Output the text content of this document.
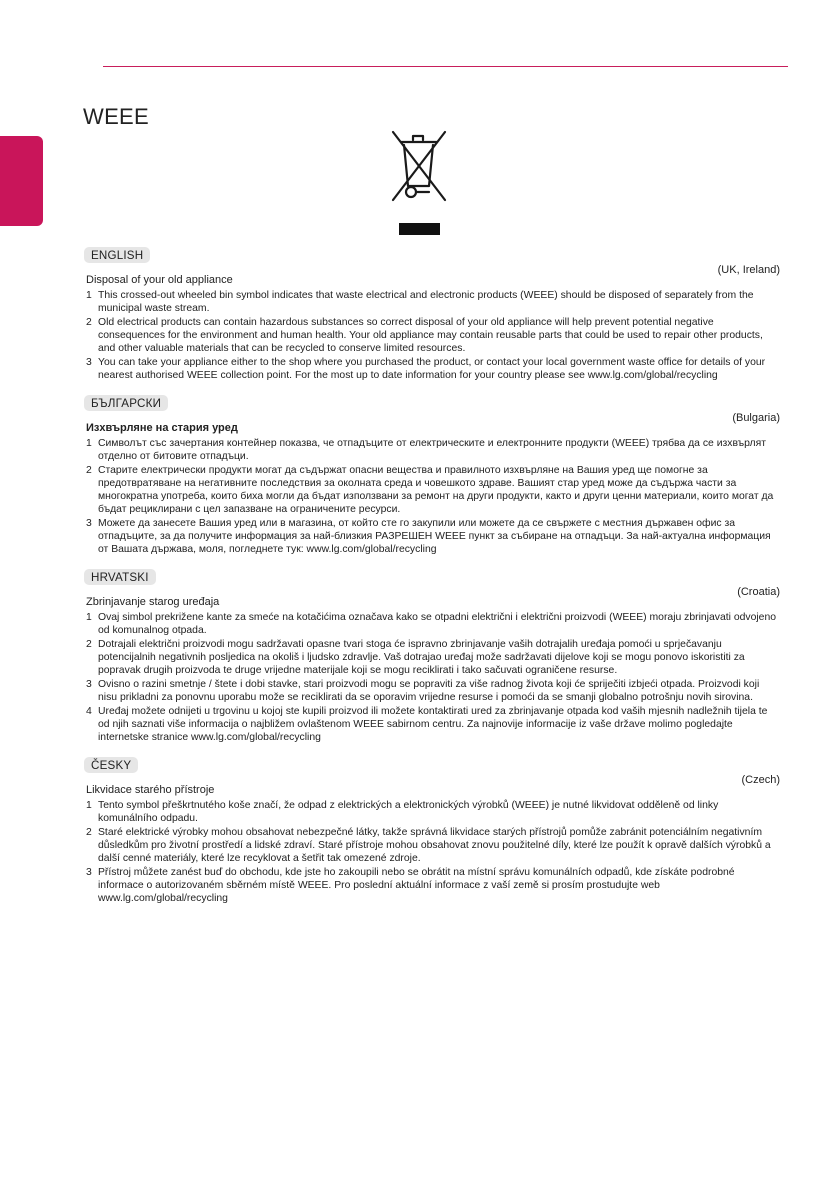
WEEE
ENGLISH
(UK, Ireland)
Disposal of your old appliance
1 This crossed-out wheeled bin symbol indicates that waste electrical and electronic products (WEEE) should be disposed of separately from the municipal waste stream.
2 Old electrical products can contain hazardous substances so correct disposal of your old appliance will help prevent potential negative consequences for the environment and human health. Your old appliance may contain reusable parts that could be used to repair other products, and other valuable materials that can be recycled to conserve limited resources.
3 You can take your appliance either to the shop where you purchased the product, or contact your local government waste office for details of your nearest authorised WEEE collection point. For the most up to date information for your country please see www.lg.com/global/recycling
БЪЛГАРСКИ
(Bulgaria)
Изхвърляне на стария уред
1 Символът със зачертания контейнер показва, че отпадъците от електрическите и електронните продукти (WEEE) трябва да се изхвърлят отделно от битовите отпадъци.
2 Старите електрически продукти могат да съдържат опасни вещества и правилното изхвърляне на Вашия уред ще помогне за предотвратяване на негативните последствия за околната среда и човешкото здраве. Вашият стар уред може да съдържа части за многократна употреба, които биха могли да бъдат използвани за ремонт на други продукти, както и други ценни материали, които могат да бъдат рециклирани с цел запазване на ограничените ресурси.
3 Можете да занесете Вашия уред или в магазина, от който сте го закупили или можете да се свържете с местния държавен офис за отпадъците, за да получите информация за най-близкия РАЗРЕШЕН WEEE пункт за събиране на отпадъци. За най-актуална информация от Вашата държава, моля, погледнете тук: www.lg.com/global/recycling
HRVATSKI
(Croatia)
Zbrinjavanje starog uređaja
1 Ovaj simbol prekrižene kante za smeće na kotačićima označava kako se otpadni električni i električni proizvodi (WEEE) moraju zbrinjavati odvojeno od komunalnog otpada.
2 Dotrajali električni proizvodi mogu sadržavati opasne tvari stoga će ispravno zbrinjavanje vaših dotrajalih uređaja pomoći u sprječavanju potencijalnih negativnih posljedica na okoliš i ljudsko zdravlje. Vaš dotrajao uređaj može sadržavati dijelove koji se mogu ponovo iskoristiti za popravak drugih proizvoda te druge vrijedne materijale koji se mogu reciklirati i tako sačuvati ograničene resurse.
3 Ovisno o razini smetnje / štete i dobi stavke, stari proizvodi mogu se popraviti za više radnog života koji će spriječiti izbjeći otpada. Proizvodi koji nisu prikladni za ponovnu uporabu može se reciklirati da se oporavim vrijedne resurse i pomoći da se smanji globalno potrošnju novih sirovina.
4 Uređaj možete odnijeti u trgovinu u kojoj ste kupili proizvod ili možete kontaktirati ured za zbrinjavanje otpada kod vaših mjesnih nadležnih tijela te od njih saznati više informacija o najbližem ovlaštenom WEEE sabirnom centru. Za najnovije informacije iz vaše države molimo pogledajte internetske stranice www.lg.com/global/recycling
ČESKY
(Czech)
Likvidace starého přístroje
1 Tento symbol přeškrtnutého koše značí, že odpad z elektrických a elektronických výrobků (WEEE) je nutné likvidovat odděleně od linky komunálního odpadu.
2 Staré elektrické výrobky mohou obsahovat nebezpečné látky, takže správná likvidace starých přístrojů pomůže zabránit potenciálním negativním důsledkům pro životní prostředí a lidské zdraví. Staré přístroje mohou obsahovat znovu použitelné díly, které lze použít k opravě dalších výrobků a další cenné materiály, které lze recyklovat a šetřit tak omezené zdroje.
3 Přístroj můžete zanést buď do obchodu, kde jste ho zakoupili nebo se obrátit na místní správu komunálních odpadů, kde získáte podrobné informace o autorizovaném sběrném místě WEEE. Pro poslední aktuální informace z vaší země si prosím prostudujte web www.lg.com/global/recycling
